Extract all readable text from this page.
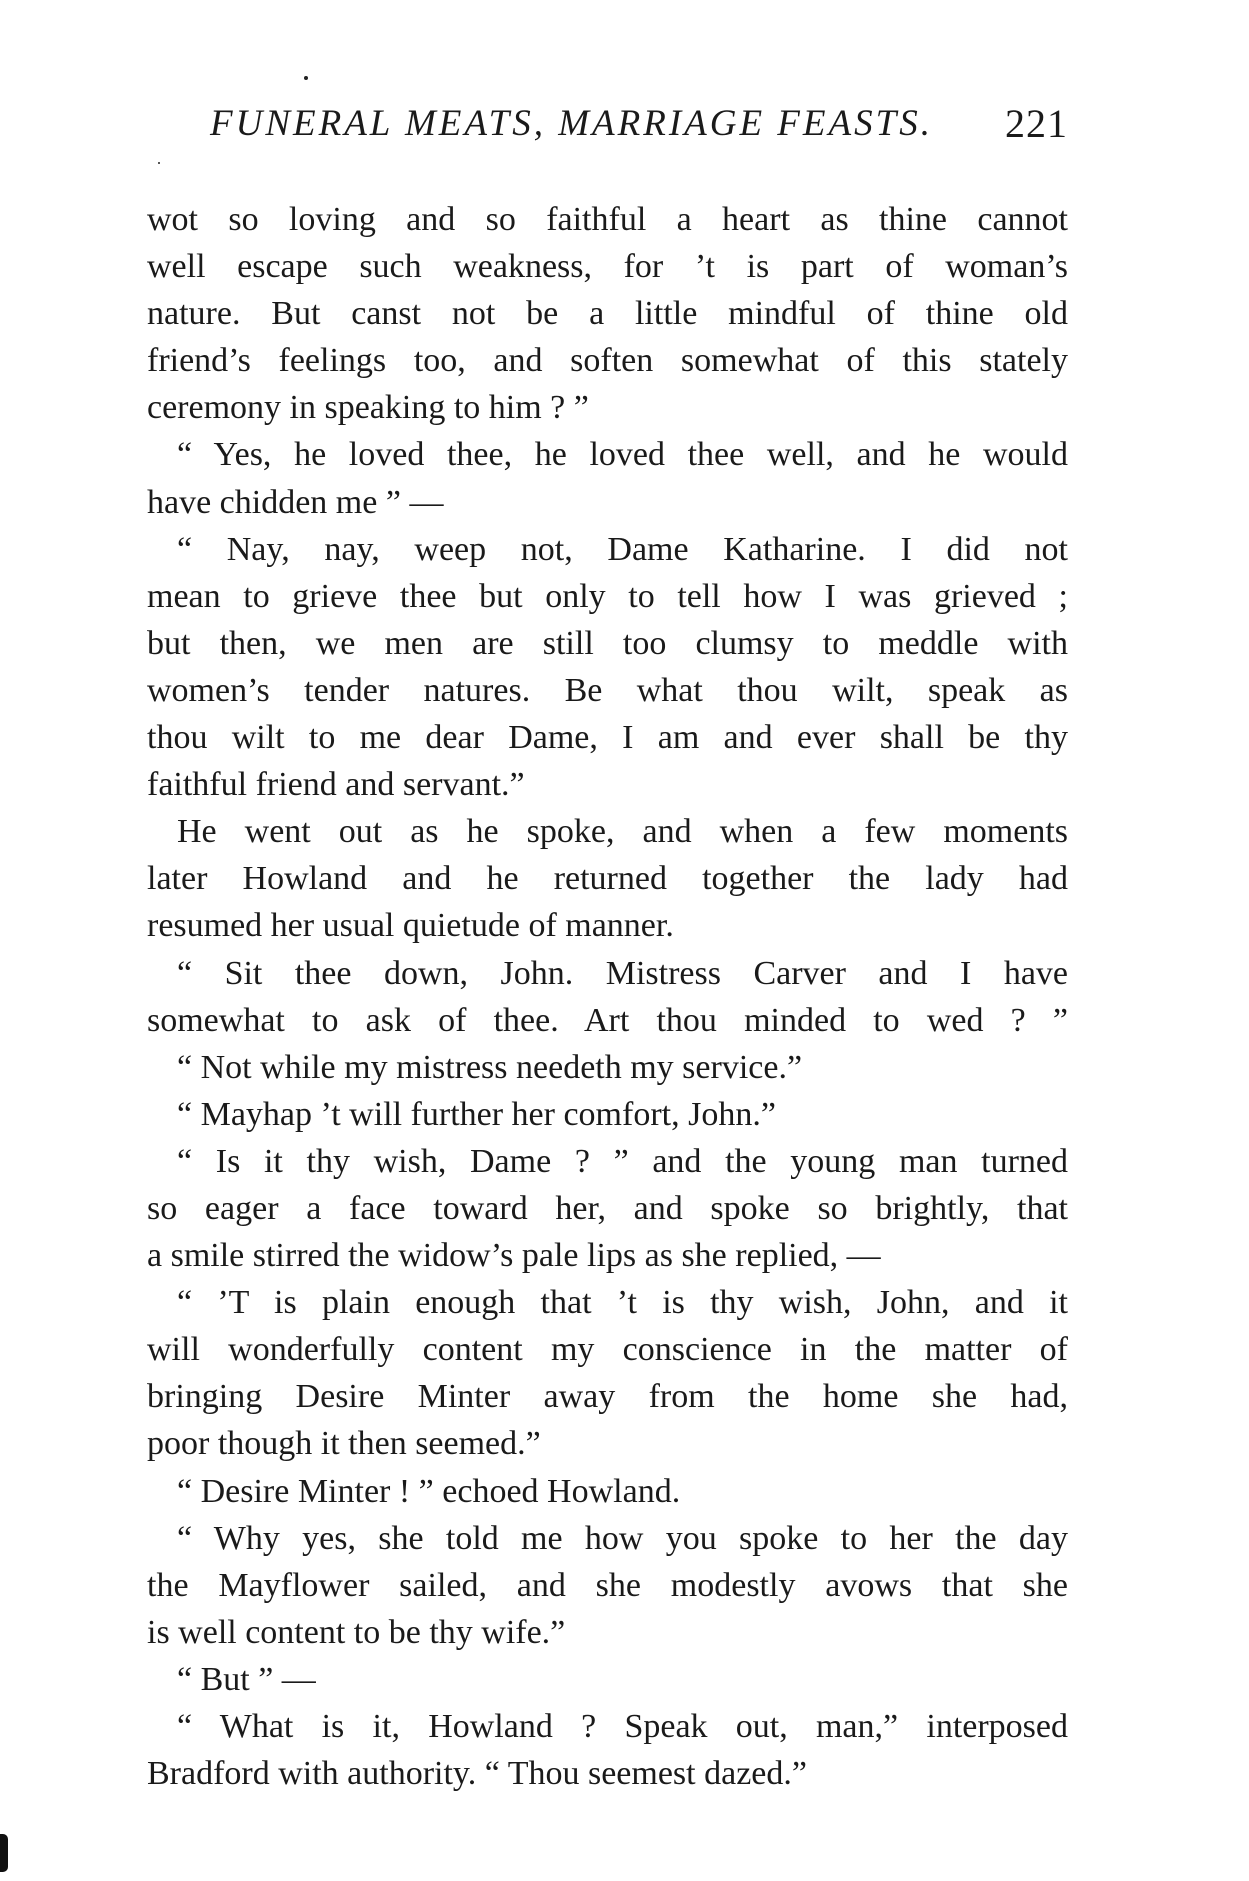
FUNERAL MEATS, MARRIAGE FEASTS. 221
wot so loving and so faithful a heart as thine cannot
well escape such weakness, for ’t is part of woman’s
nature. But canst not be a little mindful of thine old
friend’s feelings too, and soften somewhat of this stately
ceremony in speaking to him ? ”
“ Yes, he loved thee, he loved thee well, and he would
have chidden me ” —
“ Nay, nay, weep not, Dame Katharine. I did not
mean to grieve thee but only to tell how I was grieved ;
but then, we men are still too clumsy to meddle with
women’s tender natures. Be what thou wilt, speak as
thou wilt to me dear Dame, I am and ever shall be thy
faithful friend and servant.”
He went out as he spoke, and when a few moments
later Howland and he returned together the lady had
resumed her usual quietude of manner.
“ Sit thee down, John. Mistress Carver and I have
somewhat to ask of thee. Art thou minded to wed ? ”
“ Not while my mistress needeth my service.”
“ Mayhap ’t will further her comfort, John.”
“ Is it thy wish, Dame ? ” and the young man turned
so eager a face toward her, and spoke so brightly, that
a smile stirred the widow’s pale lips as she replied, —
“ ’T is plain enough that ’t is thy wish, John, and it
will wonderfully content my conscience in the matter of
bringing Desire Minter away from the home she had,
poor though it then seemed.”
“ Desire Minter ! ” echoed Howland.
“ Why yes, she told me how you spoke to her the day
the Mayflower sailed, and she modestly avows that she
is well content to be thy wife.”
“ But ” —
“ What is it, Howland ? Speak out, man,” interposed
Bradford with authority. “ Thou seemest dazed.”
